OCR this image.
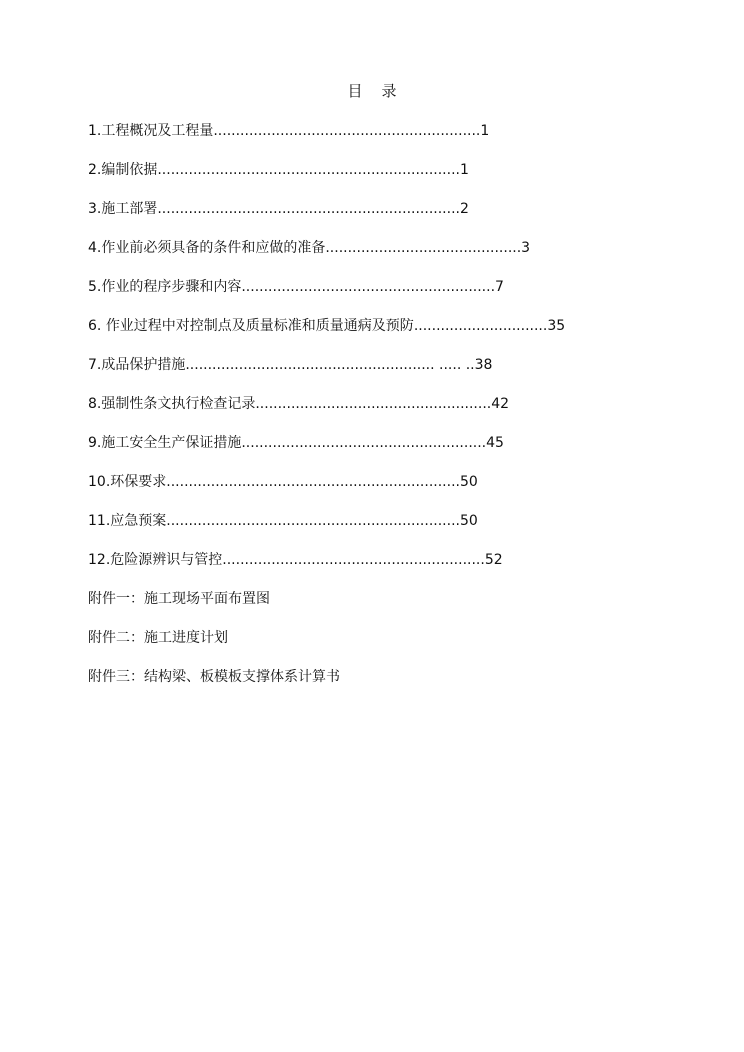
目    录
1.工程概况及工程量............................................................1
2.编制依据....................................................................1
3.施工部署....................................................................2
4.作业前必须具备的条件和应做的准备............................................3
5.作业的程序步骤和内容.........................................................7
6. 作业过程中对控制点及质量标准和质量通病及预防..............................35
7.成品保护措施........................................................ ..... ..38
8.强制性条文执行检查记录.....................................................42
9.施工安全生产保证措施.......................................................45
10.环保要求..................................................................50
11.应急预案..................................................................50
12.危险源辨识与管控...........................................................52
附件一：施工现场平面布置图
附件二：施工进度计划
附件三：结构梁、板模板支撑体系计算书
